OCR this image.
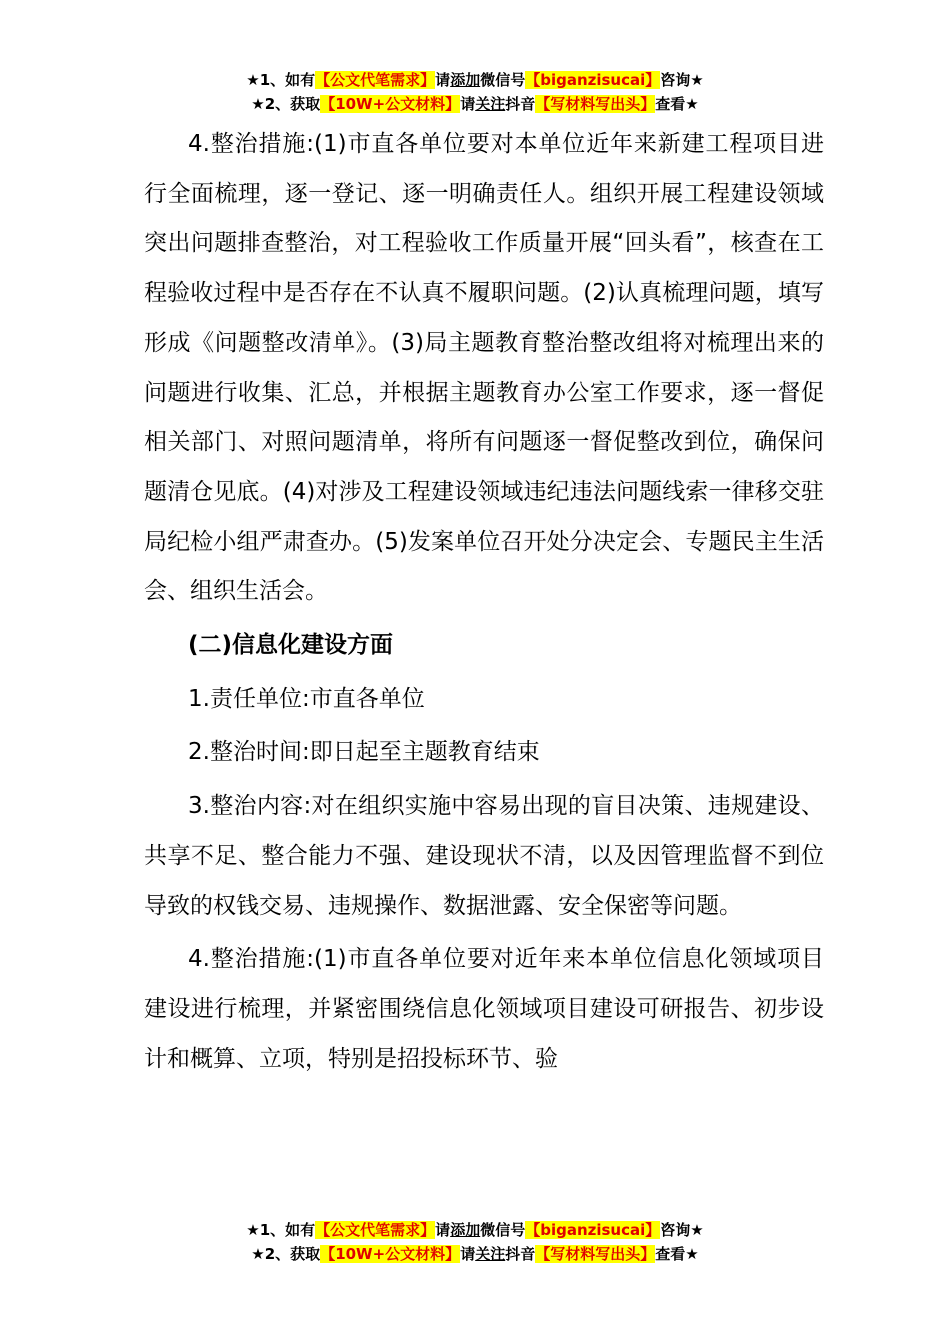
★1、如有【公文代笔需求】请添加微信号【biganzisucai】咨询★
★2、获取【10W+公文材料】请关注抖音【写材料写出头】查看★

4.整治措施:(1)市直各单位要对本单位近年来新建工程项目进行全面梳理，逐一登记、逐一明确责任人。组织开展工程建设领域突出问题排查整治，对工程验收工作质量开展“回头看”，核查在工程验收过程中是否存在不认真不履职问题。(2)认真梳理问题，填写形成《问题整改清单》。(3)局主题教育整治整改组将对梳理出来的问题进行收集、汇总，并根据主题教育办公室工作要求，逐一督促相关部门、对照问题清单，将所有问题逐一督促整改到位，确保问题清仓见底。(4)对涉及工程建设领域违纪违法问题线索一律移交驻局纪检小组严肃查办。(5)发案单位召开处分决定会、专题民主生活会、组织生活会。

(二)信息化建设方面

1.责任单位:市直各单位

2.整治时间:即日起至主题教育结束

3.整治内容:对在组织实施中容易出现的盲目决策、违规建设、共享不足、整合能力不强、建设现状不清，以及因管理监督不到位导致的权钱交易、违规操作、数据泄露、安全保密等问题。

4.整治措施:(1)市直各单位要对近年来本单位信息化领域项目建设进行梳理，并紧密围绕信息化领域项目建设可研报告、初步设计和概算、立项，特别是招投标环节、验

★1、如有【公文代笔需求】请添加微信号【biganzisucai】咨询★
★2、获取【10W+公文材料】请关注抖音【写材料写出头】查看★
